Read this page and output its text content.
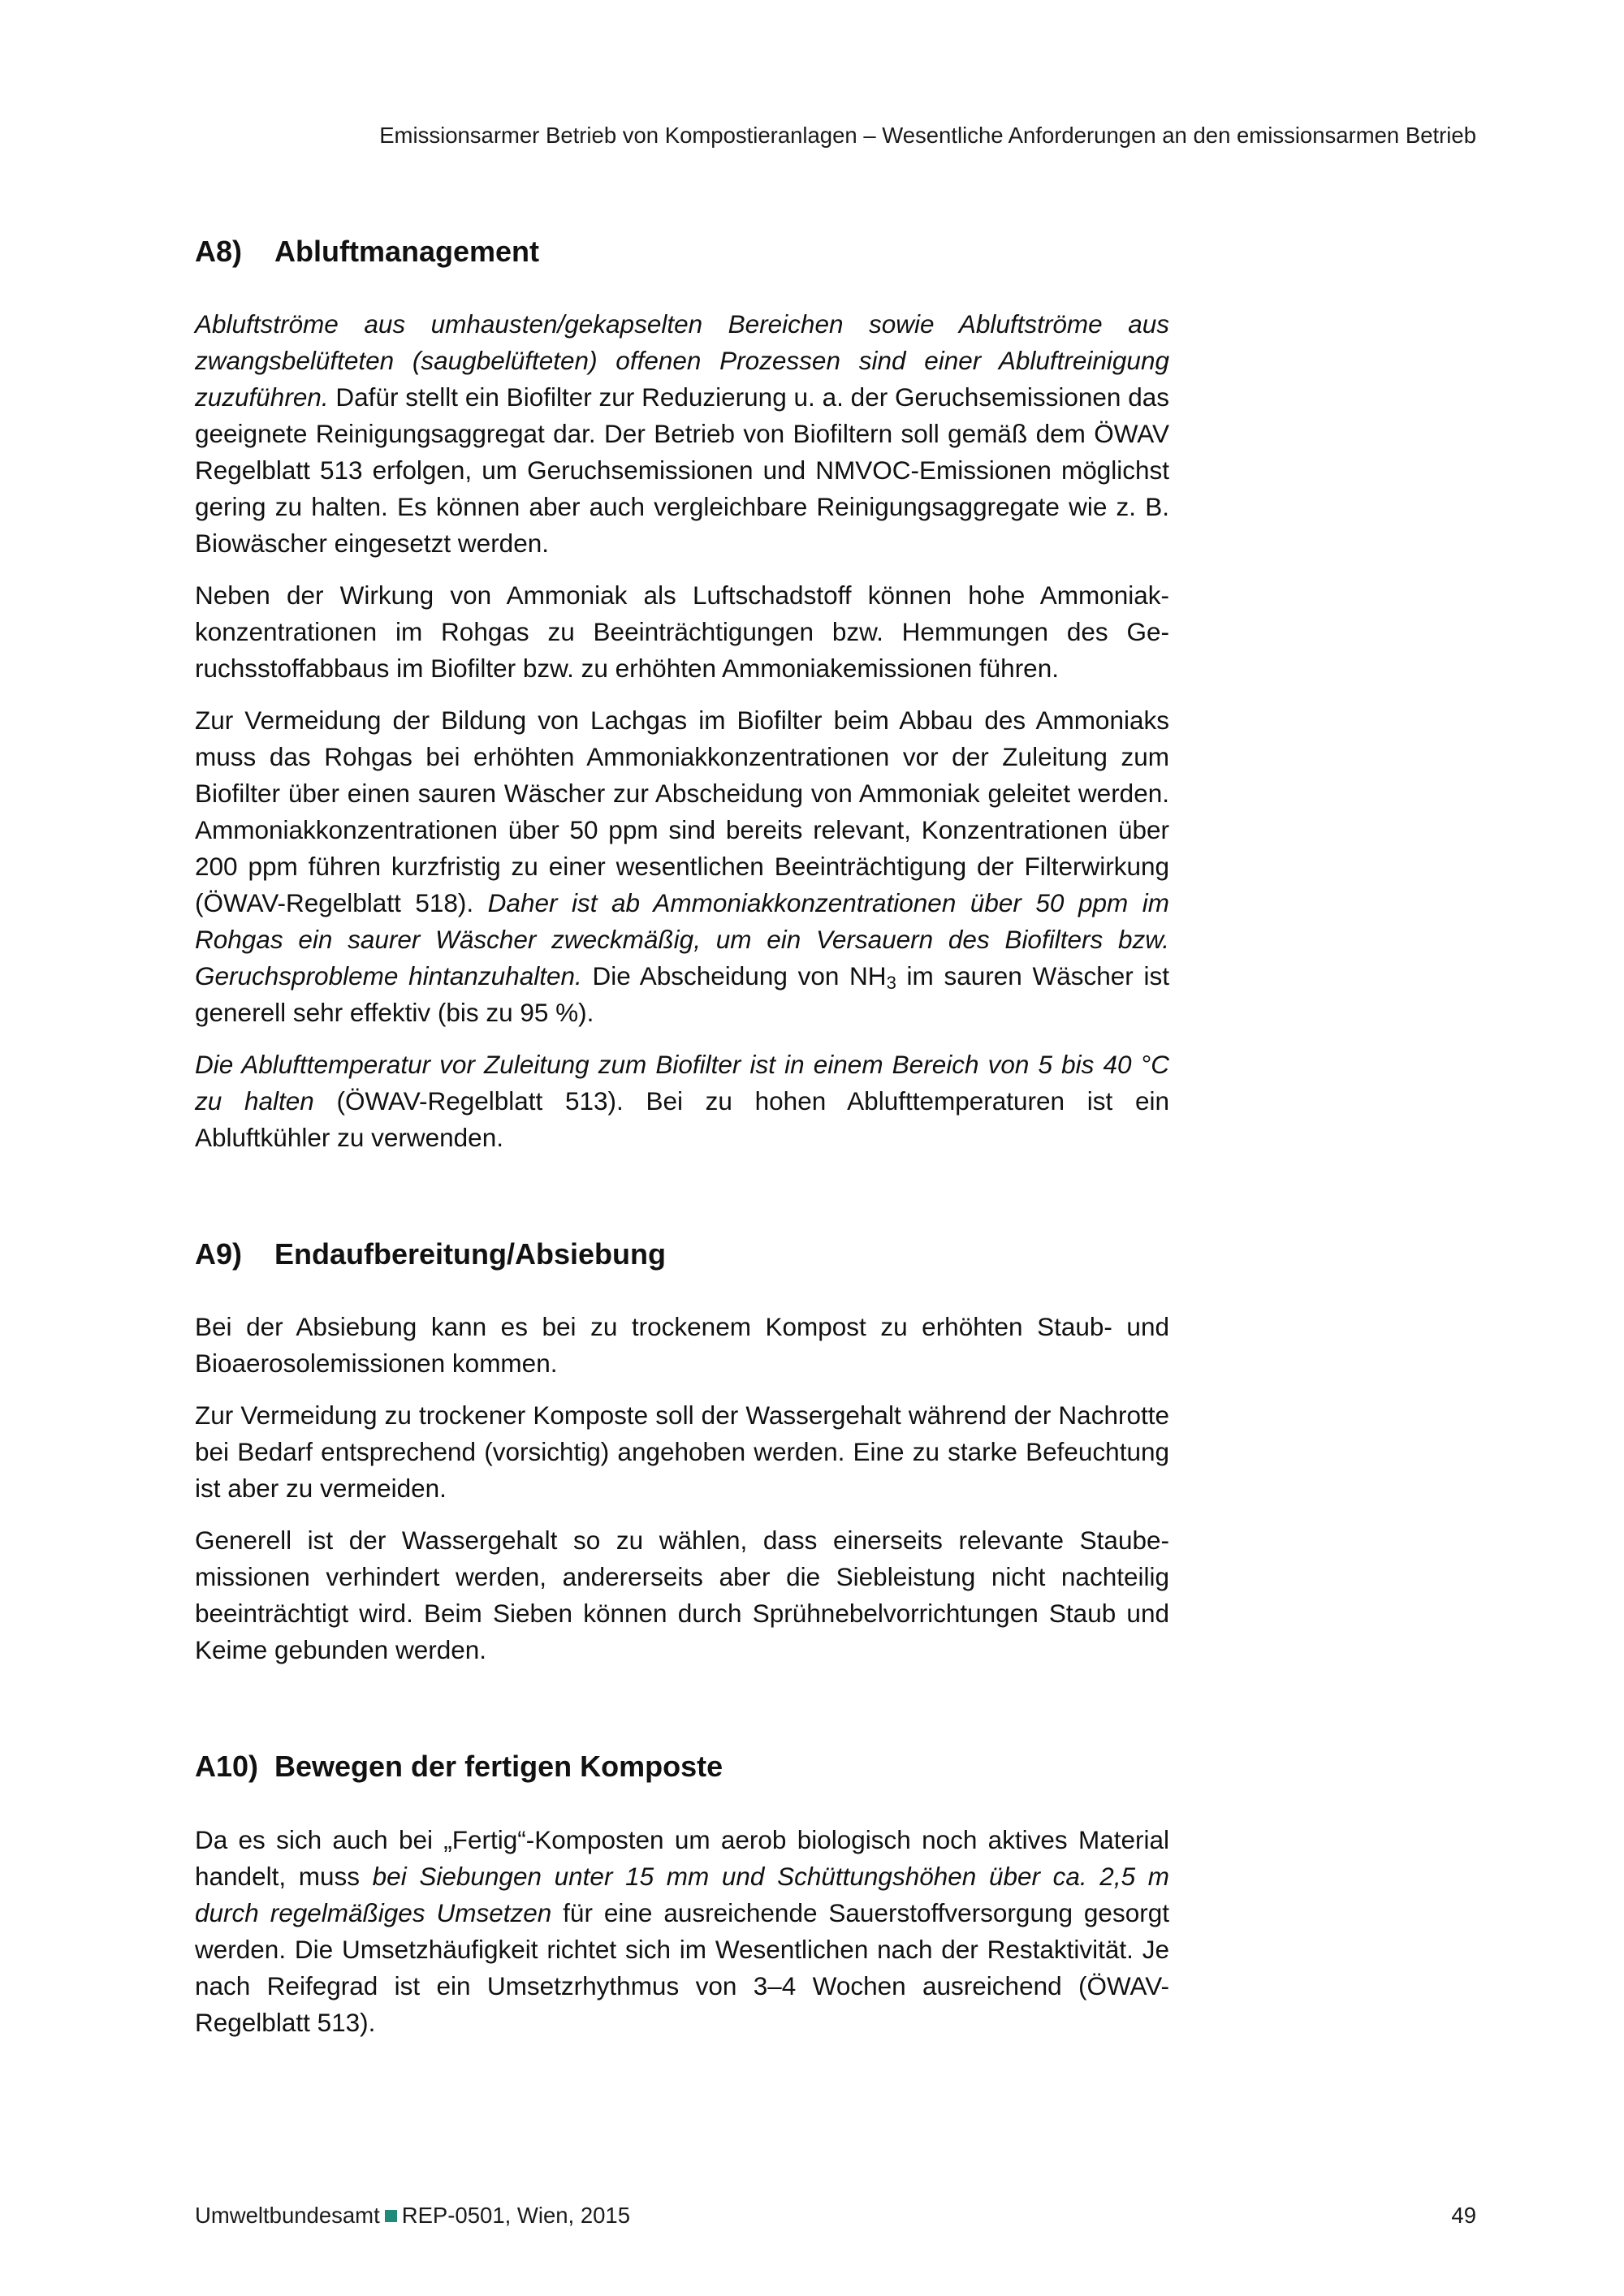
Emissionsarmer Betrieb von Kompostieranlagen – Wesentliche Anforderungen an den emissionsarmen Betrieb
A8)	Abluftmanagement

Abluftströme aus umhausten/gekapselten Bereichen sowie Abluftströme aus zwangsbelüfteten (saugbelüfteten) offenen Prozessen sind einer Abluftreinigung zuzuführen. Dafür stellt ein Biofilter zur Reduzierung u. a. der Geruchsemissionen das geeignete Reinigungsaggregat dar. Der Betrieb von Biofiltern soll gemäß dem ÖWAV Regelblatt 513 erfolgen, um Geruchsemissionen und NMVOC-Emissionen möglichst gering zu halten. Es können aber auch vergleichbare Reinigungsaggregate wie z. B. Biowäscher eingesetzt werden.

Neben der Wirkung von Ammoniak als Luftschadstoff können hohe Ammoniakkonzentrationen im Rohgas zu Beeinträchtigungen bzw. Hemmungen des Geruchsstoffabbaus im Biofilter bzw. zu erhöhten Ammoniakemissionen führen.

Zur Vermeidung der Bildung von Lachgas im Biofilter beim Abbau des Ammoniaks muss das Rohgas bei erhöhten Ammoniakkonzentrationen vor der Zuleitung zum Biofilter über einen sauren Wäscher zur Abscheidung von Ammoniak geleitet werden. Ammoniakkonzentrationen über 50 ppm sind bereits relevant, Konzentrationen über 200 ppm führen kurzfristig zu einer wesentlichen Beeinträchtigung der Filterwirkung (ÖWAV-Regelblatt 518). Daher ist ab Ammoniakkonzentrationen über 50 ppm im Rohgas ein saurer Wäscher zweckmäßig, um ein Versauern des Biofilters bzw. Geruchsprobleme hintanzuhalten. Die Abscheidung von $NH_3$ im sauren Wäscher ist generell sehr effektiv (bis zu 95 %).

Die Ablufttemperatur vor Zuleitung zum Biofilter ist in einem Bereich von 5 bis 40 °C zu halten (ÖWAV-Regelblatt 513). Bei zu hohen Ablufttemperaturen ist ein Abluftkühler zu verwenden.

A9)	Endaufbereitung/Absiebung

Bei der Absiebung kann es bei zu trockenem Kompost zu erhöhten Staub- und Bioaerosolemissionen kommen.

Zur Vermeidung zu trockener Komposte soll der Wassergehalt während der Nachrotte bei Bedarf entsprechend (vorsichtig) angehoben werden. Eine zu starke Befeuchtung ist aber zu vermeiden.

Generell ist der Wassergehalt so zu wählen, dass einerseits relevante Staubemissionen verhindert werden, andererseits aber die Siebleistung nicht nachteilig beeinträchtigt wird. Beim Sieben können durch Sprühnebelvorrichtungen Staub und Keime gebunden werden.

A10) Bewegen der fertigen Komposte

Da es sich auch bei „Fertig“-Komposten um aerob biologisch noch aktives Material handelt, muss bei Siebungen unter 15 mm und Schüttungshöhen über ca. 2,5 m durch regelmäßiges Umsetzen für eine ausreichende Sauerstoffversorgung gesorgt werden. Die Umsetzhäufigkeit richtet sich im Wesentlichen nach der Restaktivität. Je nach Reifegrad ist ein Umsetzrhythmus von 3–4 Wochen ausreichend (ÖWAV-Regelblatt 513).

Umweltbundesamt REP-0501, Wien, 2015	49
